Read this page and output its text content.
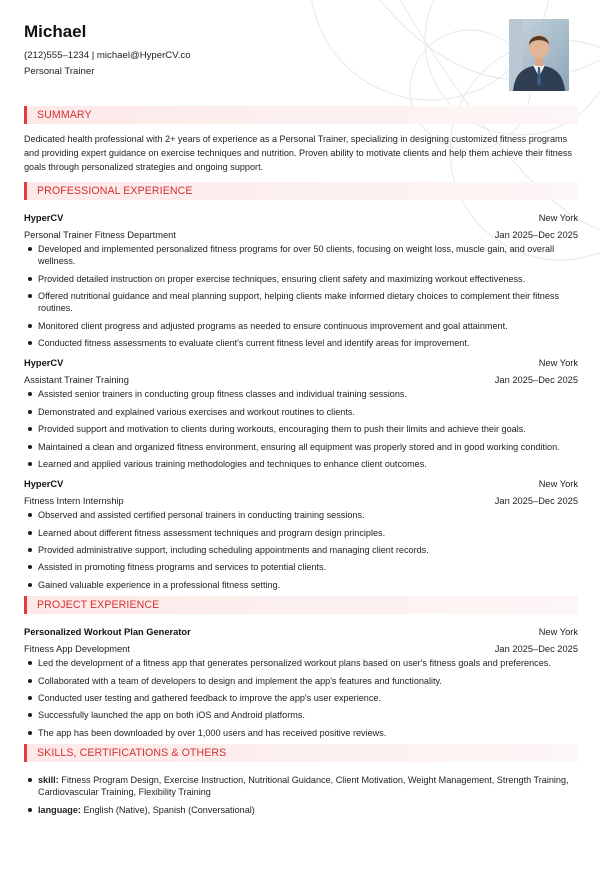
Michael
(212)555–1234 | michael@HyperCV.co
Personal Trainer
SUMMARY
Dedicated health professional with 2+ years of experience as a Personal Trainer, specializing in designing customized fitness programs and providing expert guidance on exercise techniques and nutrition. Proven ability to motivate clients and help them achieve their fitness goals through personalized strategies and ongoing support.
PROFESSIONAL EXPERIENCE
HyperCV	New York
Personal Trainer Fitness Department	Jan 2025–Dec 2025
Developed and implemented personalized fitness programs for over 50 clients, focusing on weight loss, muscle gain, and overall wellness.
Provided detailed instruction on proper exercise techniques, ensuring client safety and maximizing workout effectiveness.
Offered nutritional guidance and meal planning support, helping clients make informed dietary choices to complement their fitness routines.
Monitored client progress and adjusted programs as needed to ensure continuous improvement and goal attainment.
Conducted fitness assessments to evaluate client's current fitness level and identify areas for improvement.
HyperCV	New York
Assistant Trainer Training	Jan 2025–Dec 2025
Assisted senior trainers in conducting group fitness classes and individual training sessions.
Demonstrated and explained various exercises and workout routines to clients.
Provided support and motivation to clients during workouts, encouraging them to push their limits and achieve their goals.
Maintained a clean and organized fitness environment, ensuring all equipment was properly stored and in good working condition.
Learned and applied various training methodologies and techniques to enhance client outcomes.
HyperCV	New York
Fitness Intern Internship	Jan 2025–Dec 2025
Observed and assisted certified personal trainers in conducting training sessions.
Learned about different fitness assessment techniques and program design principles.
Provided administrative support, including scheduling appointments and managing client records.
Assisted in promoting fitness programs and services to potential clients.
Gained valuable experience in a professional fitness setting.
PROJECT EXPERIENCE
Personalized Workout Plan Generator	New York
Fitness App Development	Jan 2025–Dec 2025
Led the development of a fitness app that generates personalized workout plans based on user's fitness goals and preferences.
Collaborated with a team of developers to design and implement the app's features and functionality.
Conducted user testing and gathered feedback to improve the app's user experience.
Successfully launched the app on both iOS and Android platforms.
The app has been downloaded by over 1,000 users and has received positive reviews.
SKILLS, CERTIFICATIONS & OTHERS
skill: Fitness Program Design, Exercise Instruction, Nutritional Guidance, Client Motivation, Weight Management, Strength Training, Cardiovascular Training, Flexibility Training
language: English (Native), Spanish (Conversational)
